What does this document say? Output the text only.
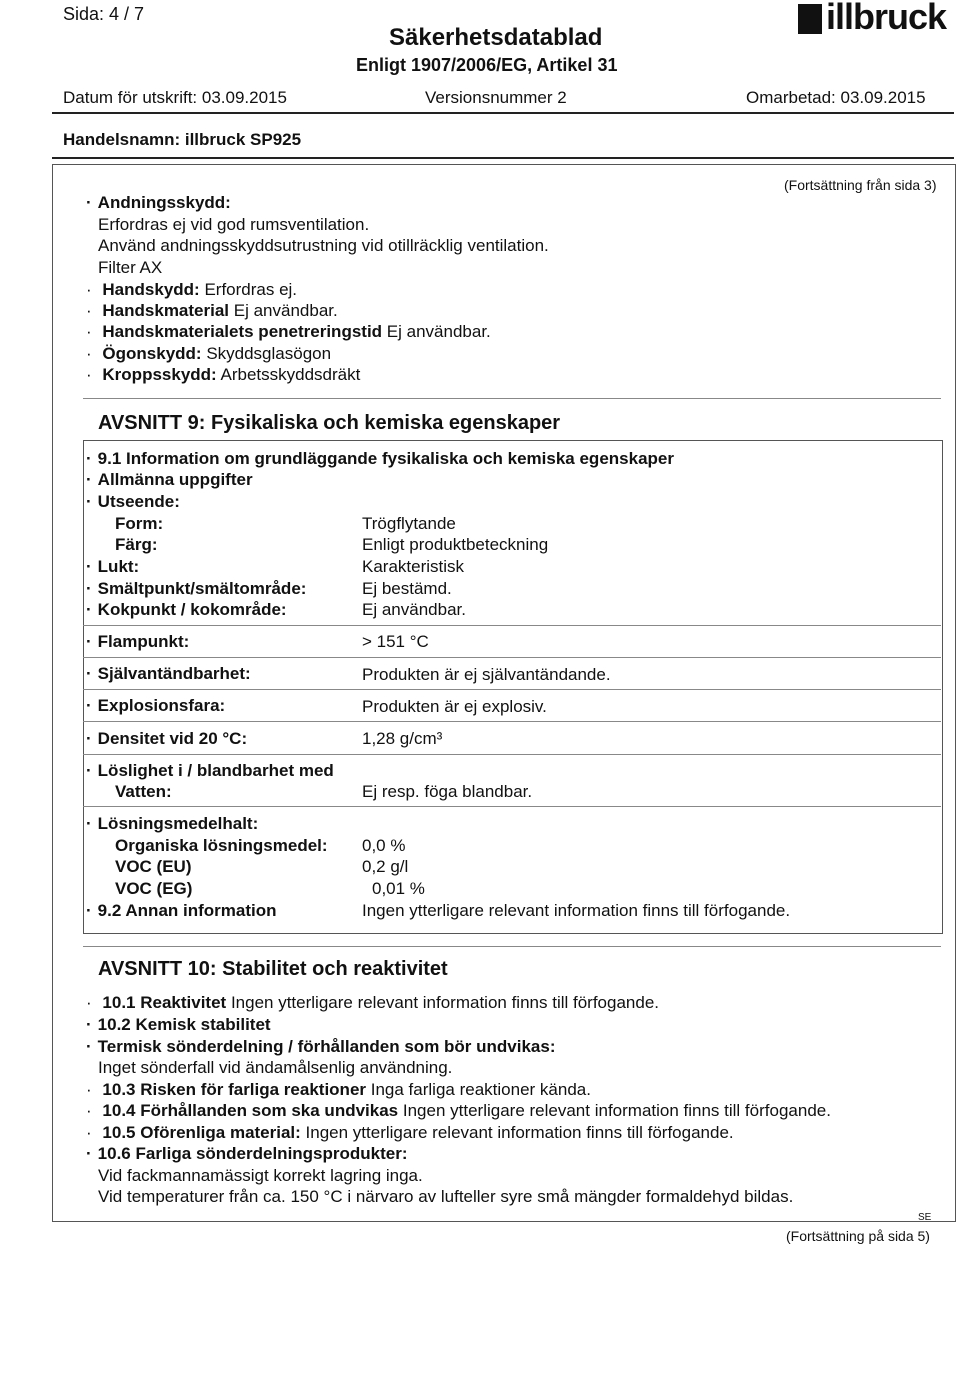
Sida: 4 / 7
Säkerhetsdatablad
Enligt 1907/2006/EG, Artikel 31
illbruck
Datum för utskrift: 03.09.2015	Versionsnummer 2	Omarbetad: 03.09.2015
Handelsnamn: illbruck SP925
(Fortsättning från sida 3)
· Andningsskydd:
Erfordras ej vid god rumsventilation.
Använd andningsskyddsutrustning vid otillräcklig ventilation.
Filter AX
· Handskydd: Erfordras ej.
· Handskmaterial Ej användbar.
· Handskmaterialets penetreringstid Ej användbar.
· Ögonskydd: Skyddsglasögon
· Kroppsskydd: Arbetsskyddsdräkt
AVSNITT 9: Fysikaliska och kemiska egenskaper
· 9.1 Information om grundläggande fysikaliska och kemiska egenskaper
· Allmänna uppgifter
· Utseende:
Form:	Trögflytande
Färg:	Enligt produktbeteckning
· Lukt:	Karakteristisk
· Smältpunkt/smältområde:	Ej bestämd.
· Kokpunkt / kokområde:	Ej användbar.
· Flampunkt:	> 151 °C
· Självantändbarhet:	Produkten är ej självantändande.
· Explosionsfara:	Produkten är ej explosiv.
· Densitet vid 20 °C:	1,28 g/cm³
· Löslighet i / blandbarhet med
Vatten:	Ej resp. föga blandbar.
· Lösningsmedelhalt:
Organiska lösningsmedel: 0,0 %
VOC (EU)	0,2 g/l
VOC (EG)	0,01 %
· 9.2 Annan information	Ingen ytterligare relevant information finns till förfogande.
AVSNITT 10: Stabilitet och reaktivitet
· 10.1 Reaktivitet Ingen ytterligare relevant information finns till förfogande.
· 10.2 Kemisk stabilitet
· Termisk sönderdelning / förhållanden som bör undvikas:
Inget sönderfall vid ändamålsenlig användning.
· 10.3 Risken för farliga reaktioner Inga farliga reaktioner kända.
· 10.4 Förhållanden som ska undvikas Ingen ytterligare relevant information finns till förfogande.
· 10.5 Oförenliga material: Ingen ytterligare relevant information finns till förfogande.
· 10.6 Farliga sönderdelningsprodukter:
Vid fackmannamässigt korrekt lagring inga.
Vid temperaturer från ca. 150 °C i närvaro av lufteller syre små mängder formaldehyd bildas.
SE
(Fortsättning på sida 5)
